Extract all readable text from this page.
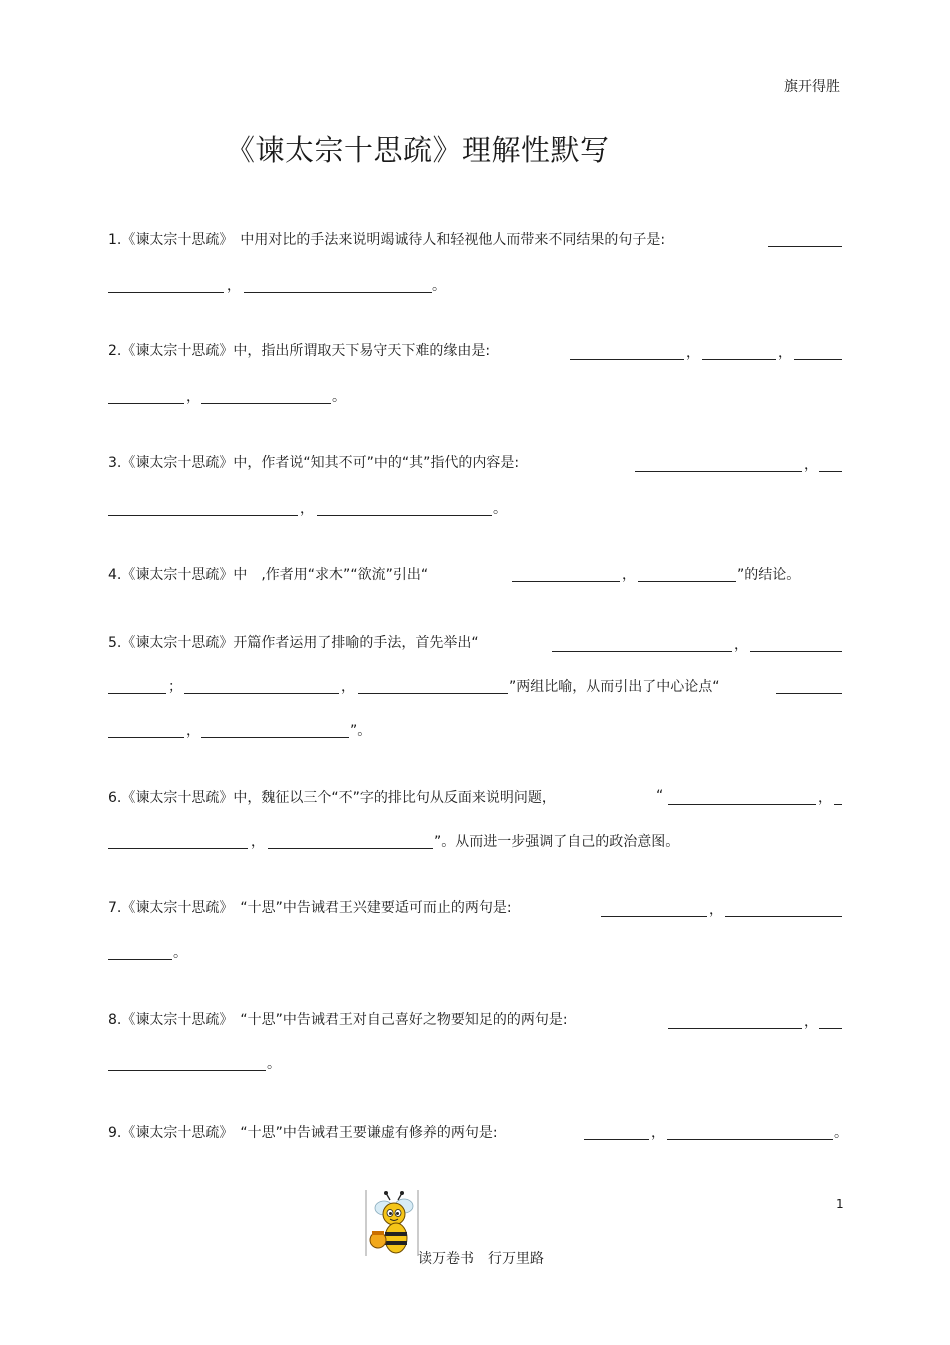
旗开得胜
《谏太宗十思疏》理解性默写
1.《谏太宗十思疏》　中用对比的手法来说明竭诚待人和轻视他人而带来不同结果的句子是:
，	。
2.《谏太宗十思疏》中，指出所谓取天下易守天下难的缘由是:	，	，
，	。
3.《谏太宗十思疏》中，作者说“知其不可”中的“其”指代的内容是:	，
，	。
4.《谏太宗十思疏》中　,作者用“求木”“欲流”引出“	，	”的结论。
5.《谏太宗十思疏》开篇作者运用了排喻的手法，首先举出“	，
；	，	”两组比喻，从而引出了中心论点“
，	”。
6.《谏太宗十思疏》中，魏征以三个“不”字的排比句从反面来说明问题，	“	，
，	”。从而进一步强调了自己的政治意图。
7.《谏太宗十思疏》　“十思”中告诫君王兴建要适可而止的两句是:	，
。
8.《谏太宗十思疏》　“十思”中告诫君王对自己喜好之物要知足的的两句是:	，
。
9.《谏太宗十思疏》　“十思”中告诫君王要谦虚有修养的两句是:	，	。
1
读万卷书　行万里路
